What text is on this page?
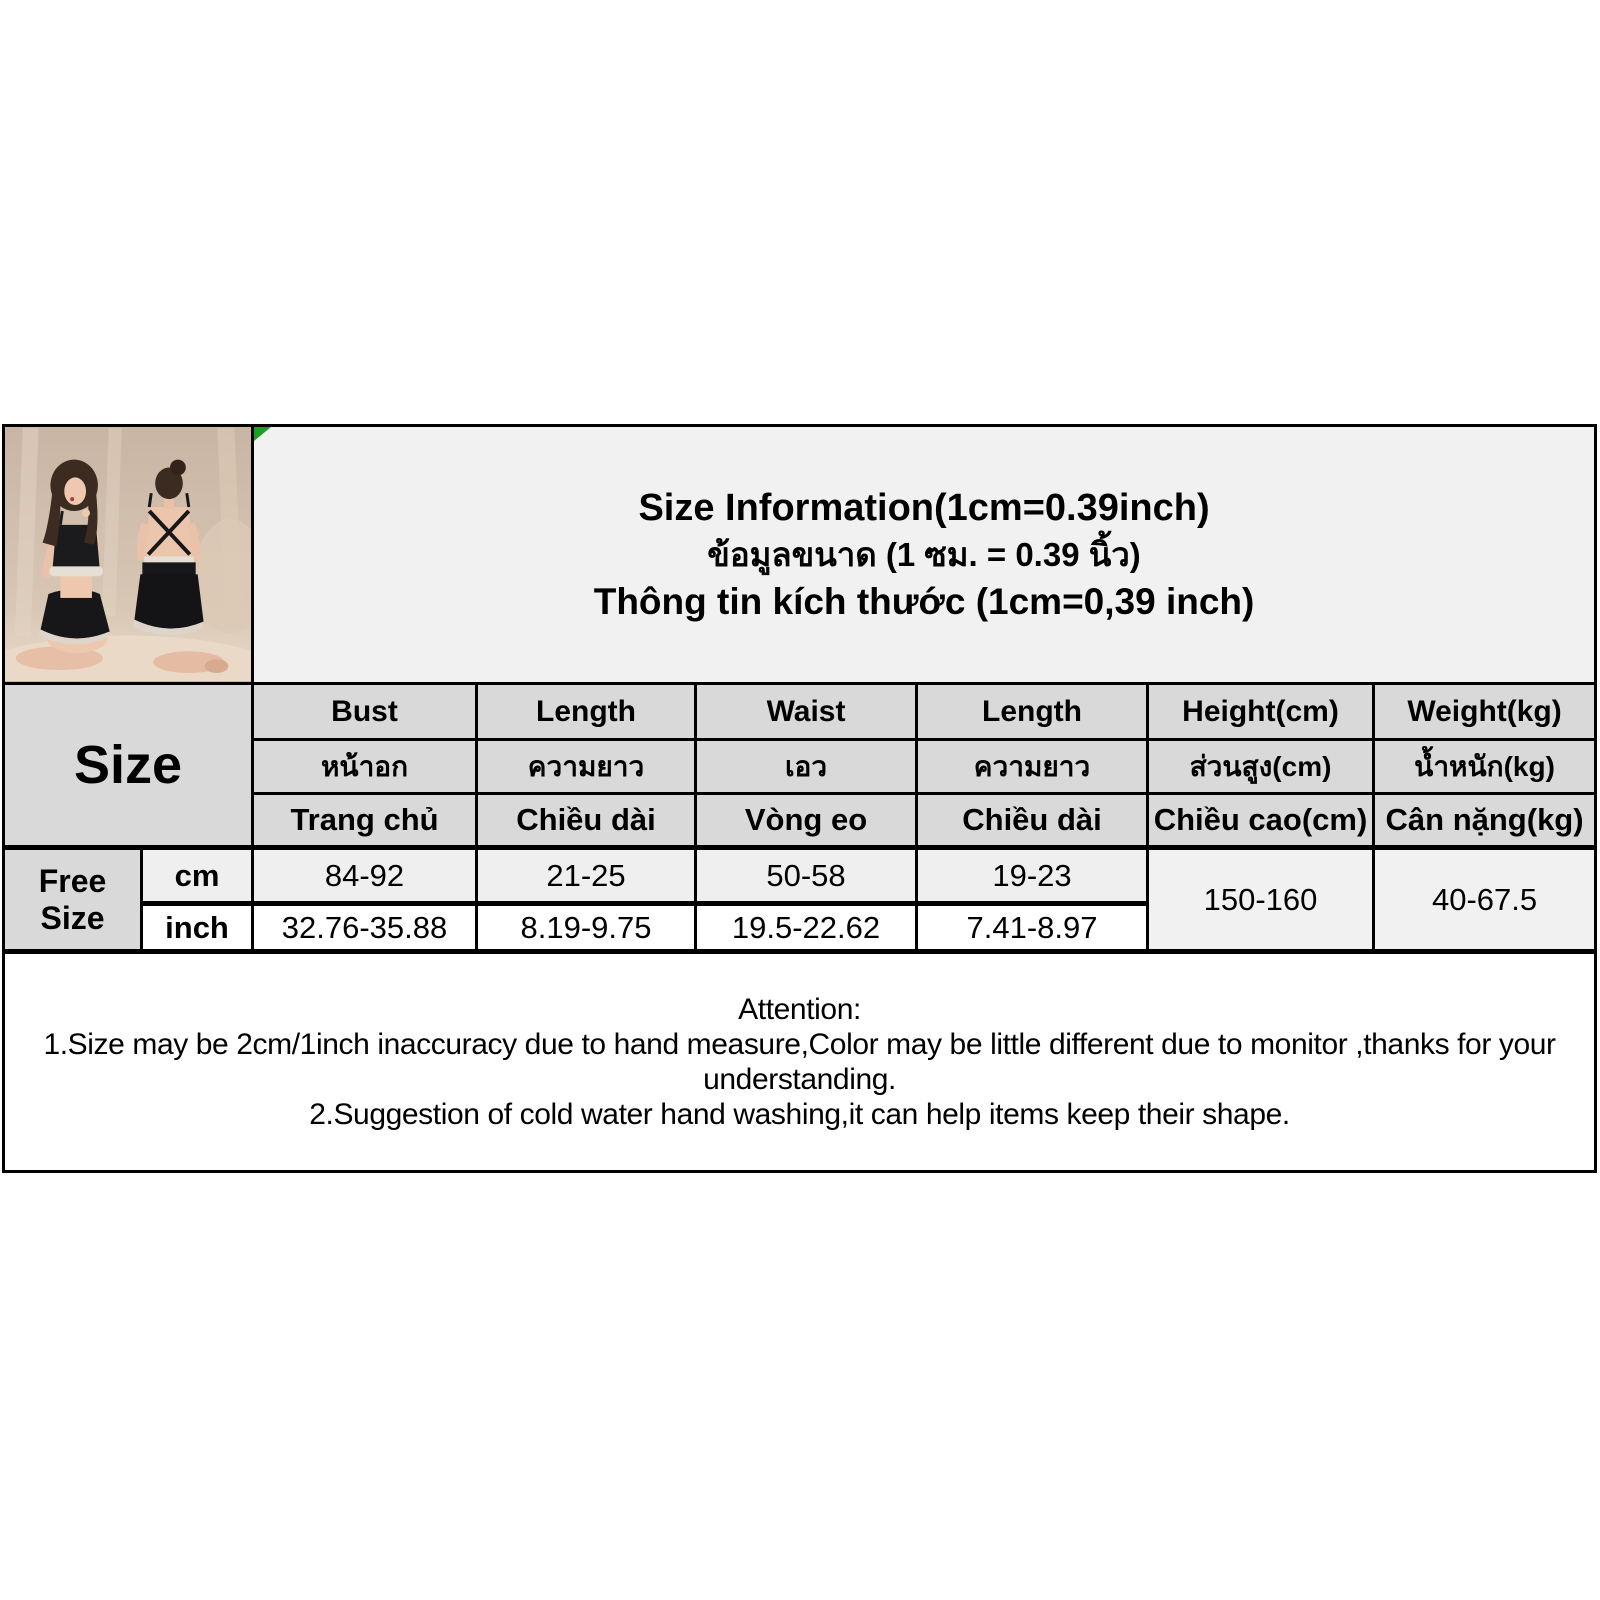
Size Information(1cm=0.39inch)
ข้อมูลขนาด (1 ซม. = 0.39 นิ้ว)
Thông tin kích thước (1cm=0,39 inch)					

Size		Bust	Length	Waist	Length	Height(cm)	Weight(kg)
		หน้าอก	ความยาว	เอว	ความยาว	ส่วนสูง(cm)	น้ำหนัก(kg)
		Trang chủ	Chiều dài	Vòng eo	Chiều dài	Chiều cao(cm)	Cân nặng(kg)
Free Size	cm	84-92	21-25	50-58	19-23	150-160	40-67.5
	inch	32.76-35.88	8.19-9.75	19.5-22.62	7.41-8.97		

Attention:

1.Size may be 2cm/1inch inaccuracy due to hand measure,Color may be little different due to monitor ,thanks for your understanding.

2.Suggestion of cold water hand washing,it can help items keep their shape.							
